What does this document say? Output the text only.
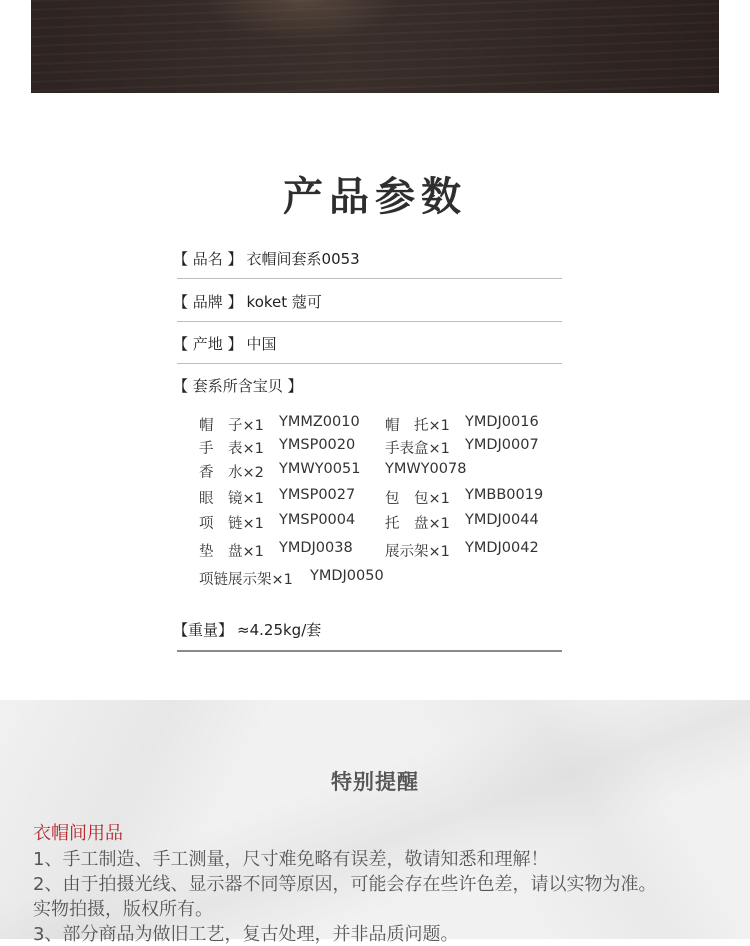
产品参数
【 品名 】 衣帽间套系0053
【 品牌 】 koket 蔻可
【 产地 】 中国
【 套系所含宝贝 】
帽　子×1 YMMZ0010 帽　托×1 YMDJ0016
手　表×1 YMSP0020 手表盒×1 YMDJ0007
香　水×2 YMWY0051 YMWY0078
眼　镜×1 YMSP0027 包　包×1 YMBB0019
项　链×1 YMSP0004 托　盘×1 YMDJ0044
垫　盘×1 YMDJ0038 展示架×1 YMDJ0042
项链展示架×1 YMDJ0050
【重量】 ≈4.25kg/套
特别提醒
衣帽间用品
1、手工制造、手工测量，尺寸难免略有误差，敬请知悉和理解！
2、由于拍摄光线、显示器不同等原因，可能会存在些许色差，请以实物为准。
实物拍摄，版权所有。
3、部分商品为做旧工艺，复古处理，并非品质问题。
